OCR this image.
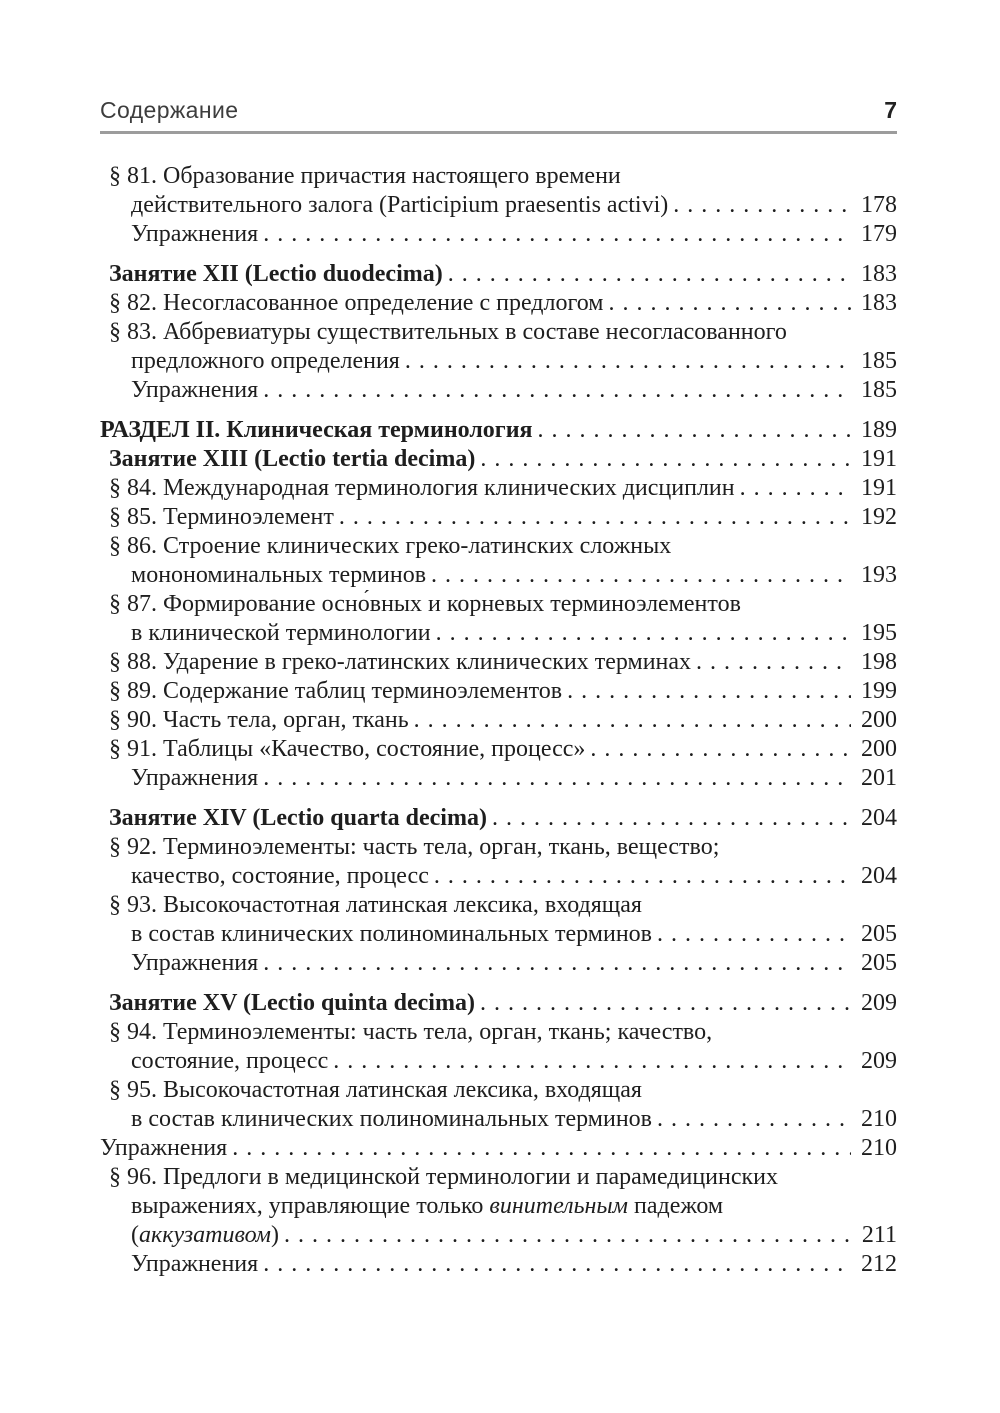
Содержание	7
§ 81. Образование причастия настоящего времени
действительного залога (Participium praesentis activi) . . .	178
Упражнения . . .	179
Занятие XII (Lectio duodecima) . . .	183
§ 82. Несогласованное определение с предлогом . . .	183
§ 83. Аббревиатуры существительных в составе несогласованного
предложного определения . . .	185
Упражнения . . .	185
РАЗДЕЛ II. Клиническая терминология . . .	189
Занятие XIII (Lectio tertia decima) . . .	191
§ 84. Международная терминология клинических дисциплин . . .	191
§ 85. Терминоэлемент . . .	192
§ 86. Строение клинических греко-латинских сложных
монономинальных терминов . . .	193
§ 87. Формирование осно́вных и корневых терминоэлементов
в клинической терминологии . . .	195
§ 88. Ударение в греко-латинских клинических терминах . . .	198
§ 89. Содержание таблиц терминоэлементов . . .	199
§ 90. Часть тела, орган, ткань . . .	200
§ 91. Таблицы «Качество, состояние, процесс» . . .	200
Упражнения . . .	201
Занятие XIV (Lectio quarta decima) . . .	204
§ 92. Терминоэлементы: часть тела, орган, ткань, вещество;
качество, состояние, процесс . . .	204
§ 93. Высокочастотная латинская лексика, входящая
в состав клинических полиноминальных терминов . . .	205
Упражнения . . .	205
Занятие XV (Lectio quinta decima) . . .	209
§ 94. Терминоэлементы: часть тела, орган, ткань; качество,
состояние, процесс . . .	209
§ 95. Высокочастотная латинская лексика, входящая
в состав клинических полиноминальных терминов . . .	210
Упражнения . . .	210
§ 96. Предлоги в медицинской терминологии и парамедицинских
выражениях, управляющие только винительным падежом
(аккузативом) . . .	211
Упражнения . . .	212
